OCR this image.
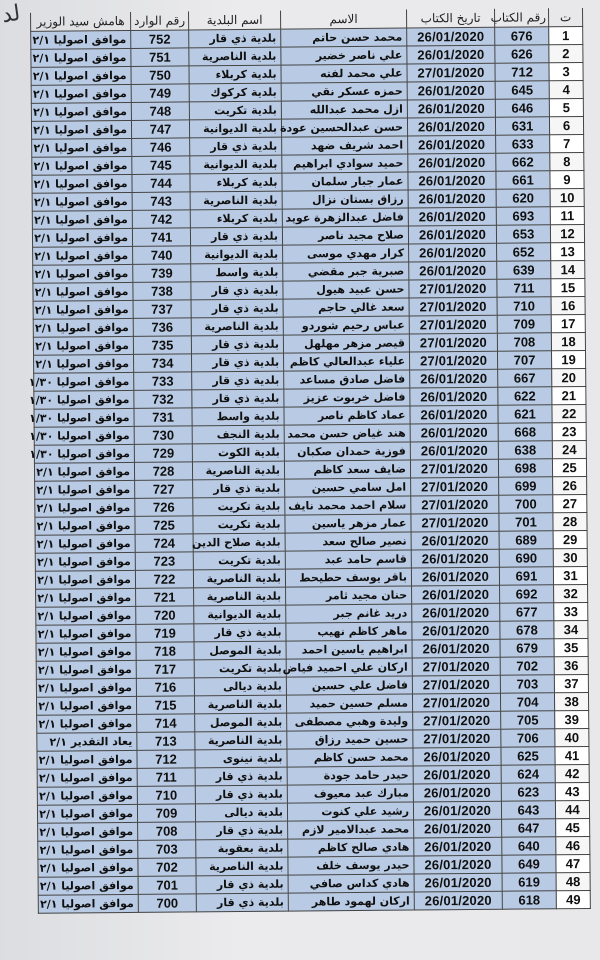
لد	ت	رقم الكتاب	تاريخ الكتاب	الاسم	اسم البلدية	رقم الوارد	هامش سيد الوزير
1	676	26/01/2020	محمد حسن حاتم	بلدية ذي قار	752	موافق اصوليا ٢/١
2	626	26/01/2020	علي ناصر خضير	بلدية الناصرية	751	موافق اصوليا ٢/١
3	712	27/01/2020	علي محمد لفته	بلدية كربلاء	750	موافق اصوليا ٢/١
4	645	26/01/2020	حمزه عسكر نقي	بلدية كركوك	749	موافق اصوليا ٢/١
5	646	26/01/2020	ازل محمد عبدالله	بلدية تكريت	748	موافق اصوليا ٢/١
6	631	26/01/2020	حسن عبدالحسين عودة	بلدية الديوانية	747	موافق اصوليا ٢/١
7	633	26/01/2020	احمد شريف ضهد	بلدية ذي قار	746	موافق اصوليا ٢/١
8	662	26/01/2020	حميد سوادي ابراهيم	بلدية الديوانية	745	موافق اصوليا ٢/١
9	661	26/01/2020	عمار جبار سلمان	بلدية كربلاء	744	موافق اصوليا ٢/١
10	620	26/01/2020	رزاق بستان نزال	بلدية الناصرية	743	موافق اصوليا ٢/١
11	693	26/01/2020	فاضل عبدالزهرة عويد	بلدية كربلاء	742	موافق اصوليا ٢/١
12	653	26/01/2020	صلاح مجيد ناصر	بلدية ذي قار	741	موافق اصوليا ٢/١
13	652	26/01/2020	كرار مهدي موسى	بلدية الديوانية	740	موافق اصوليا ٢/١
14	639	26/01/2020	صبرية جبر مقضي	بلدية واسط	739	موافق اصوليا ٢/١
15	711	27/01/2020	حسن عبيد هيول	بلدية ذي قار	738	موافق اصوليا ٢/١
16	710	27/01/2020	سعد غالي حاجم	بلدية ذي قار	737	موافق اصوليا ٢/١
17	709	27/01/2020	عباس رحيم شوردو	بلدية الناصرية	736	موافق اصوليا ٢/١
18	708	27/01/2020	قيصر مزهر مهلهل	بلدية ذي قار	735	موافق اصوليا ٢/١
19	707	27/01/2020	علياء عبدالعالي كاظم	بلدية ذي قار	734	موافق اصوليا ٢/١
20	667	26/01/2020	فاضل صادق مساعد	بلدية ذي قار	733	موافق اصوليا ١/٣٠
21	622	26/01/2020	فاضل خربوت عزيز	بلدية ذي قار	732	موافق اصوليا ١/٣٠
22	621	26/01/2020	عماد كاظم ناصر	بلدية واسط	731	موافق اصوليا ١/٣٠
23	668	26/01/2020	هند غياض حسن محمد	بلدية النجف	730	موافق اصوليا ١/٣٠
24	638	26/01/2020	فوزية حمدان صكبان	بلدية الكوت	729	موافق اصوليا ١/٣٠
25	698	27/01/2020	ضايف سعد كاظم	بلدية الناصرية	728	موافق اصوليا ٢/١
26	699	27/01/2020	امل سامي حسين	بلدية ذي قار	727	موافق اصوليا ٢/١
27	700	27/01/2020	سلام احمد محمد نايف	بلدية تكريت	726	موافق اصوليا ٢/١
28	701	27/01/2020	عمار مزهر ياسين	بلدية تكريت	725	موافق اصوليا ٢/١
29	689	26/01/2020	نصير صالح سعد	بلدية صلاح الدين	724	موافق اصوليا ٢/١
30	690	26/01/2020	قاسم حامد عبد	بلدية تكريت	723	موافق اصوليا ٢/١
31	691	26/01/2020	باقر يوسف حطيحط	بلدية الناصرية	722	موافق اصوليا ٢/١
32	692	26/01/2020	حنان مجيد ثامر	بلدية الناصرية	721	موافق اصوليا ٢/١
33	677	26/01/2020	دريد غانم جبر	بلدية الديوانية	720	موافق اصوليا ٢/١
34	678	26/01/2020	ماهر كاظم نهيب	بلدية ذي قار	719	موافق اصوليا ٢/١
35	679	26/01/2020	ابراهيم ياسين احمد	بلدية الموصل	718	موافق اصوليا ٢/١
36	702	27/01/2020	اركان علي احميد فياض	بلدية تكريت	717	موافق اصوليا ٢/١
37	703	27/01/2020	فاضل علي حسين	بلدية ديالى	716	موافق اصوليا ٢/١
38	704	27/01/2020	مسلم حسين حميد	بلدية الناصرية	715	موافق اصوليا ٢/١
39	705	27/01/2020	وليدة وهبي مصطفى	بلدية الموصل	714	موافق اصوليا ٢/١
40	706	27/01/2020	حسين حميد رزاق	بلدية الناصرية	713	يعاد التقدير ٢/١
41	625	26/01/2020	محمد حسن كاظم	بلدية نينوى	712	موافق اصوليا ٢/١
42	624	26/01/2020	حيدر حامد جودة	بلدية ذي قار	711	موافق اصوليا ٢/١
43	623	26/01/2020	مبارك عبد معيوف	بلدية ذي قار	710	موافق اصوليا ٢/١
44	643	26/01/2020	رشيد علي كنوت	بلدية ديالى	709	موافق اصوليا ٢/١
45	647	26/01/2020	محمد عبدالامير لازم	بلدية ذي قار	708	موافق اصوليا ٢/١
46	640	26/01/2020	هادي صالح كاظم	بلدية بعقوبة	703	موافق اصوليا ٢/١
47	649	26/01/2020	حيدر يوسف خلف	بلدية الناصرية	702	موافق اصوليا ٢/١
48	619	26/01/2020	هادي كداس صافي	بلدية ذي قار	701	موافق اصوليا ٢/١
49	618	26/01/2020	اركان لهمود طاهر	بلدية ذي قار	700	موافق اصوليا ٢/١
